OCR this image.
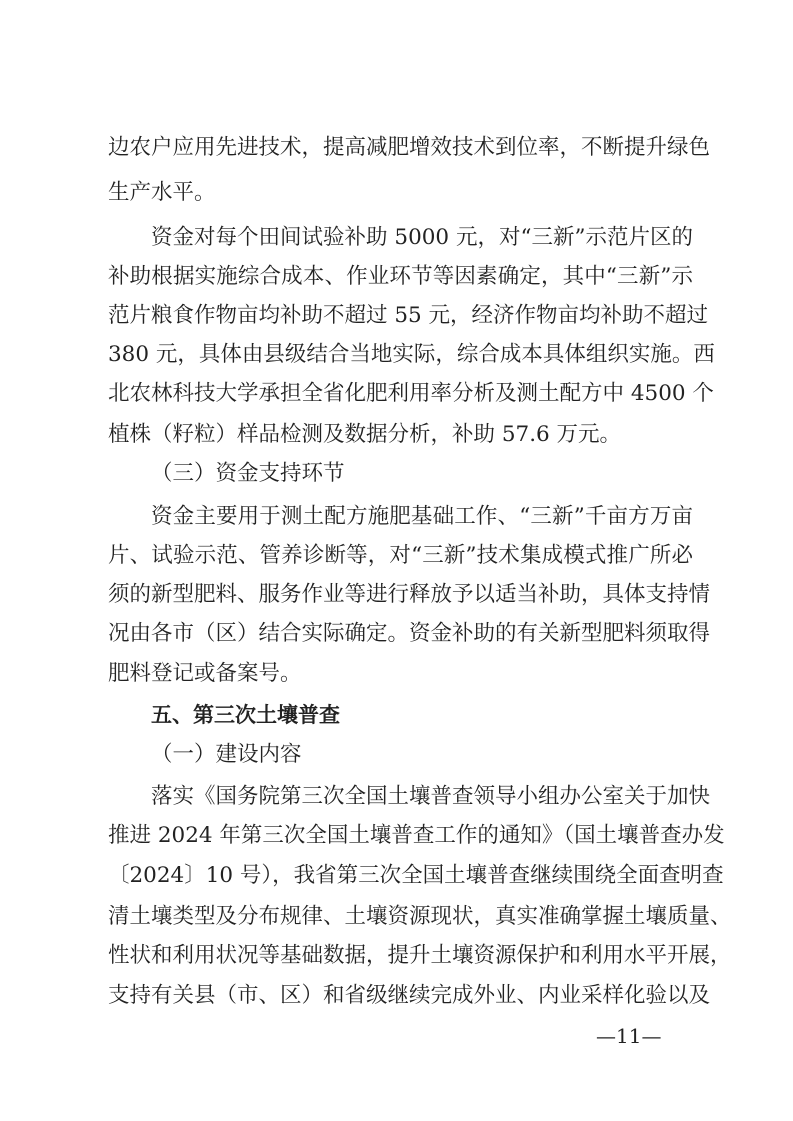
边农户应用先进技术，提高减肥增效技术到位率，不断提升绿色
生产水平。
资金对每个田间试验补助 5000 元，对“三新”示范片区的
补助根据实施综合成本、作业环节等因素确定，其中“三新”示
范片粮食作物亩均补助不超过 55 元，经济作物亩均补助不超过
380 元，具体由县级结合当地实际，综合成本具体组织实施。西
北农林科技大学承担全省化肥利用率分析及测土配方中 4500 个
植株（籽粒）样品检测及数据分析，补助 57.6 万元。
（三）资金支持环节
资金主要用于测土配方施肥基础工作、“三新”千亩方万亩
片、试验示范、管养诊断等，对“三新”技术集成模式推广所必
须的新型肥料、服务作业等进行释放予以适当补助，具体支持情
况由各市（区）结合实际确定。资金补助的有关新型肥料须取得
肥料登记或备案号。
五、第三次土壤普查
（一）建设内容
落实《国务院第三次全国土壤普查领导小组办公室关于加快
推进 2024 年第三次全国土壤普查工作的通知》（国土壤普查办发
〔2024〕10 号），我省第三次全国土壤普查继续围绕全面查明查
清土壤类型及分布规律、土壤资源现状，真实准确掌握土壤质量、
性状和利用状况等基础数据，提升土壤资源保护和利用水平开展，
支持有关县（市、区）和省级继续完成外业、内业采样化验以及
—11—
